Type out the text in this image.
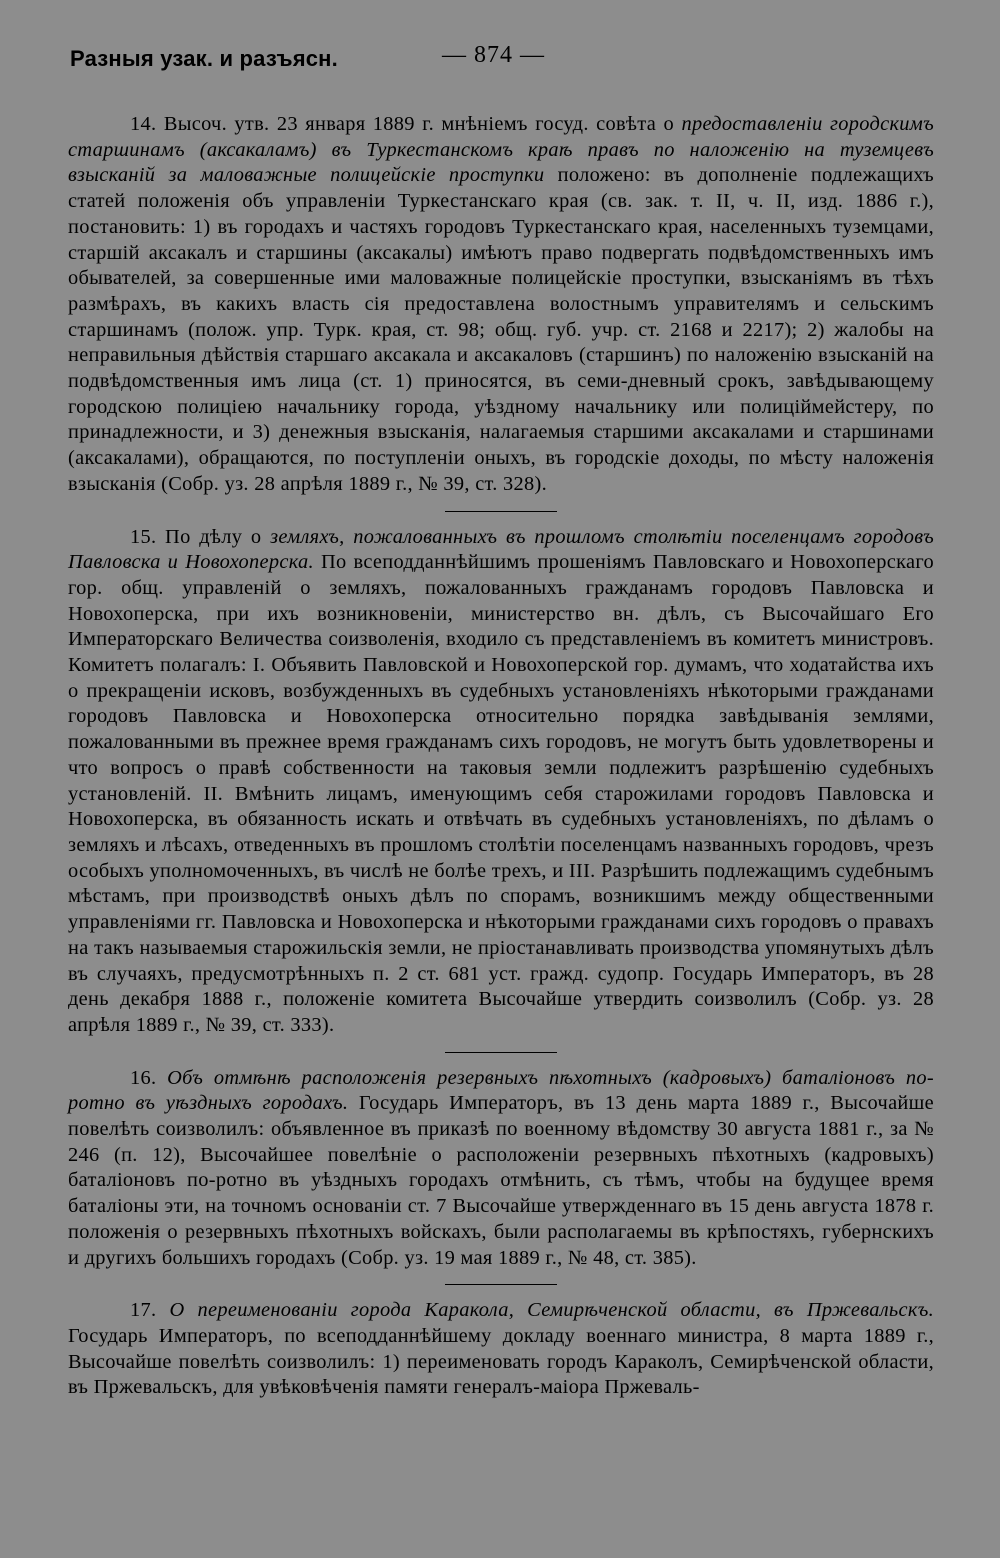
Разныя узак. и разъясн.	— 874 —

14. Высоч. утв. 23 января 1889 г. мнѣніемъ госуд. совѣта о предоставленіи городскимъ старшинамъ (аксакаламъ) въ Туркестанскомъ краѣ правъ по наложенію на туземцевъ взысканій за маловажные полицейскіе проступки положено: въ дополненіе подлежащихъ статей положенія объ управленіи Туркестанскаго края (св. зак. т. II, ч. II, изд. 1886 г.), постановить: 1) въ городахъ и частяхъ городовъ Туркестанскаго края, населенныхъ туземцами, старшій аксакалъ и старшины (аксакалы) имѣютъ право подвергать подвѣдомственныхъ имъ обывателей, за совершенные ими маловажные полицейскіе проступки, взысканіямъ въ тѣхъ размѣрахъ, въ какихъ власть сія предоставлена волостнымъ управителямъ и сельскимъ старшинамъ (полож. упр. Турк. края, ст. 98; общ. губ. учр. ст. 2168 и 2217); 2) жалобы на неправильныя дѣйствія старшаго аксакала и аксакаловъ (старшинъ) по наложенію взысканій на подвѣдомственныя имъ лица (ст. 1) приносятся, въ семи-дневный срокъ, завѣдывающему городскою полиціею начальнику города, уѣздному начальнику или полиціймейстеру, по принадлежности, и 3) денежныя взысканія, налагаемыя старшими аксакалами и старшинами (аксакалами), обращаются, по поступленіи оныхъ, въ городскіе доходы, по мѣсту наложенія взысканія (Собр. уз. 28 апрѣля 1889 г., № 39, ст. 328).

15. По дѣлу о земляхъ, пожалованныхъ въ прошломъ столѣтіи поселенцамъ городовъ Павловска и Новохоперска. По всеподданнѣйшимъ прошеніямъ Павловскаго и Новохоперскаго гор. общ. управленій о земляхъ, пожалованныхъ гражданамъ городовъ Павловска и Новохоперска, при ихъ возникновеніи, министерство вн. дѣлъ, съ Высочайшаго Его Императорскаго Величества соизволенія, входило съ представленіемъ въ комитетъ министровъ. Комитетъ полагалъ: I. Объявить Павловской и Новохоперской гор. думамъ, что ходатайства ихъ о прекращеніи исковъ, возбужденныхъ въ судебныхъ установленіяхъ нѣкоторыми гражданами городовъ Павловска и Новохоперска относительно порядка завѣдыванія землями, пожалованными въ прежнее время гражданамъ сихъ городовъ, не могутъ быть удовлетворены и что вопросъ о правѣ собственности на таковыя земли подлежитъ разрѣшенію судебныхъ установленій. II. Вмѣнить лицамъ, именующимъ себя старожилами городовъ Павловска и Новохоперска, въ обязанность искать и отвѣчать въ судебныхъ установленіяхъ, по дѣламъ о земляхъ и лѣсахъ, отведенныхъ въ прошломъ столѣтіи поселенцамъ названныхъ городовъ, чрезъ особыхъ уполномоченныхъ, въ числѣ не болѣе трехъ, и III. Разрѣшить подлежащимъ судебнымъ мѣстамъ, при производствѣ оныхъ дѣлъ по спорамъ, возникшимъ между общественными управленіями гг. Павловска и Новохоперска и нѣкоторыми гражданами сихъ городовъ о правахъ на такъ называемыя старожильскія земли, не пріостанавливать производства упомянутыхъ дѣлъ въ случаяхъ, предусмотрѣнныхъ п. 2 ст. 681 уст. гражд. судопр. Государь Императоръ, въ 28 день декабря 1888 г., положеніе комитета Высочайше утвердить соизволилъ (Собр. уз. 28 апрѣля 1889 г., № 39, ст. 333).

16. Объ отмѣнѣ расположенія резервныхъ пѣхотныхъ (кадровыхъ) баталіоновъ по-ротно въ уѣздныхъ городахъ. Государь Императоръ, въ 13 день марта 1889 г., Высочайше повелѣть соизволилъ: объявленное въ приказѣ по военному вѣдомству 30 августа 1881 г., за № 246 (п. 12), Высочайшее повелѣніе о расположеніи резервныхъ пѣхотныхъ (кадровыхъ) баталіоновъ по-ротно въ уѣздныхъ городахъ отмѣнить, съ тѣмъ, чтобы на будущее время баталіоны эти, на точномъ основаніи ст. 7 Высочайше утвержденнаго въ 15 день августа 1878 г. положенія о резервныхъ пѣхотныхъ войскахъ, были располагаемы въ крѣпостяхъ, губернскихъ и другихъ большихъ городахъ (Собр. уз. 19 мая 1889 г., № 48, ст. 385).

17. О переименованіи города Каракола, Семирѣченской области, въ Пржевальскъ. Государь Императоръ, по всеподданнѣйшему докладу военнаго министра, 8 марта 1889 г., Высочайше повелѣть соизволилъ: 1) переименовать городъ Караколъ, Семирѣченской области, въ Пржевальскъ, для увѣковѣченія памяти генералъ-маіора Пржеваль-
